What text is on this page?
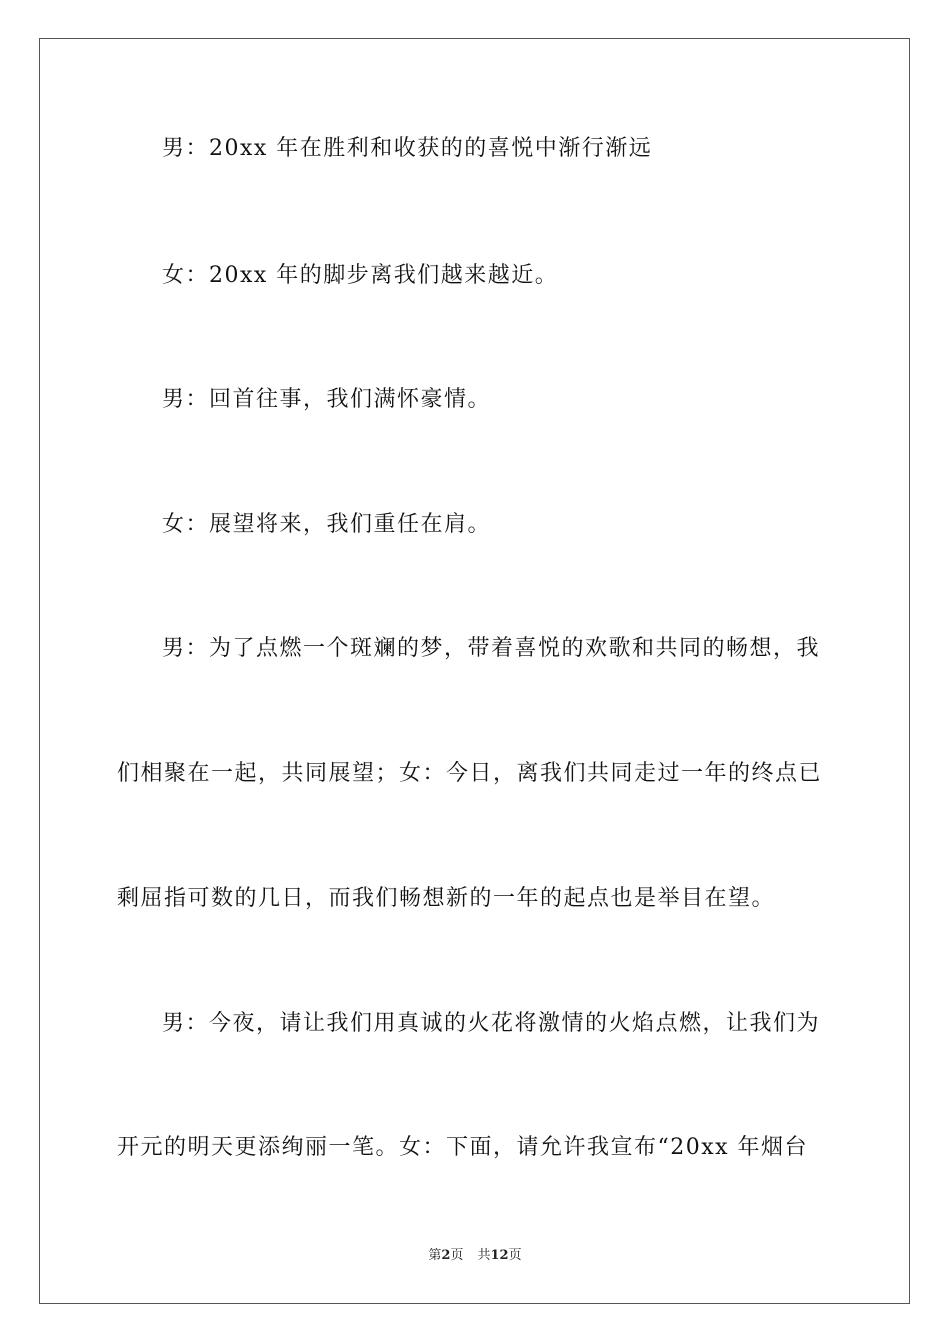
男：20xx 年在胜利和收获的的喜悦中渐行渐远
女：20xx 年的脚步离我们越来越近。
男：回首往事，我们满怀豪情。
女：展望将来，我们重任在肩。
男：为了点燃一个斑斓的梦，带着喜悦的欢歌和共同的畅想，我
们相聚在一起，共同展望；女：今日，离我们共同走过一年的终点已
剩屈指可数的几日，而我们畅想新的一年的起点也是举目在望。
男：今夜，请让我们用真诚的火花将激情的火焰点燃，让我们为
开元的明天更添绚丽一笔。女：下面，请允许我宣布“20xx 年烟台
第2页 共12页
